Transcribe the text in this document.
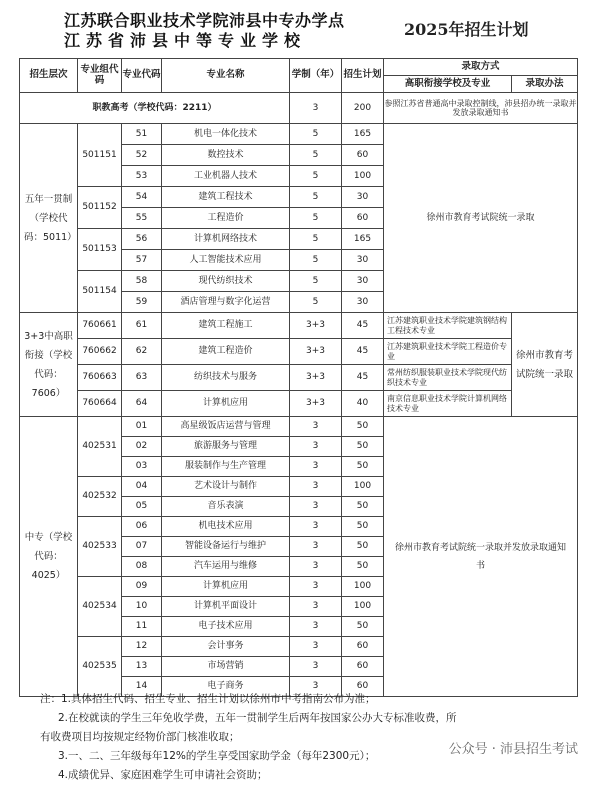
江苏联合职业技术学院沛县中专办学点
江苏省沛县中等专业学校
2025年招生计划
招生层次	专业组代码	专业代码	专业名称	学制（年）	招生计划	录取方式	
						高职衔接学校及专业	录取办法
职教高考（学校代码：2211）				3	200	参照江苏省普通高中录取控制线，沛县招办统一录取并发放录取通知书	
五年一贯制（学校代码：5011）	501151	51	机电一体化技术	5	165	徐州市教育考试院统一录取	
		52	数控技术	5	60		
		53	工业机器人技术	5	100		
	501152	54	建筑工程技术	5	30		
		55	工程造价	5	60		
	501153	56	计算机网络技术	5	165		
		57	人工智能技术应用	5	30		
	501154	58	现代纺织技术	5	30		
		59	酒店管理与数字化运营	5	30		
3+3中高职衔接（学校代码：7606）	760661	61	建筑工程施工	3+3	45	江苏建筑职业技术学院建筑钢结构工程技术专业	徐州市教育考试院统一录取
	760662	62	建筑工程造价	3+3	45	江苏建筑职业技术学院工程造价专业	
	760663	63	纺织技术与服务	3+3	45	常州纺织服装职业技术学院现代纺织技术专业	
	760664	64	计算机应用	3+3	40	南京信息职业技术学院计算机网络技术专业	
中专（学校代码：4025）	402531	01	高星级饭店运营与管理	3	50	徐州市教育考试院统一录取并发放录取通知书	
		02	旅游服务与管理	3	50		
		03	服装制作与生产管理	3	50		
	402532	04	艺术设计与制作	3	100		
		05	音乐表演	3	50		
	402533	06	机电技术应用	3	50		
		07	智能设备运行与维护	3	50		
		08	汽车运用与维修	3	50		
	402534	09	计算机应用	3	100		
		10	计算机平面设计	3	100		
		11	电子技术应用	3	50		
	402535	12	会计事务	3	60		
		13	市场营销	3	60		
		14	电子商务	3	60		
注：1.具体招生代码、招生专业、招生计划以徐州市中考指南公布为准；
2.在校就读的学生三年免收学费，五年一贯制学生后两年按国家公办大专标准收费，所
有收费项目均按规定经物价部门核准收取；
3.一、二、三年级每年12%的学生享受国家助学金（每年2300元）；
4.成绩优异、家庭困难学生可申请社会资助；
公众号 · 沛县招生考试
